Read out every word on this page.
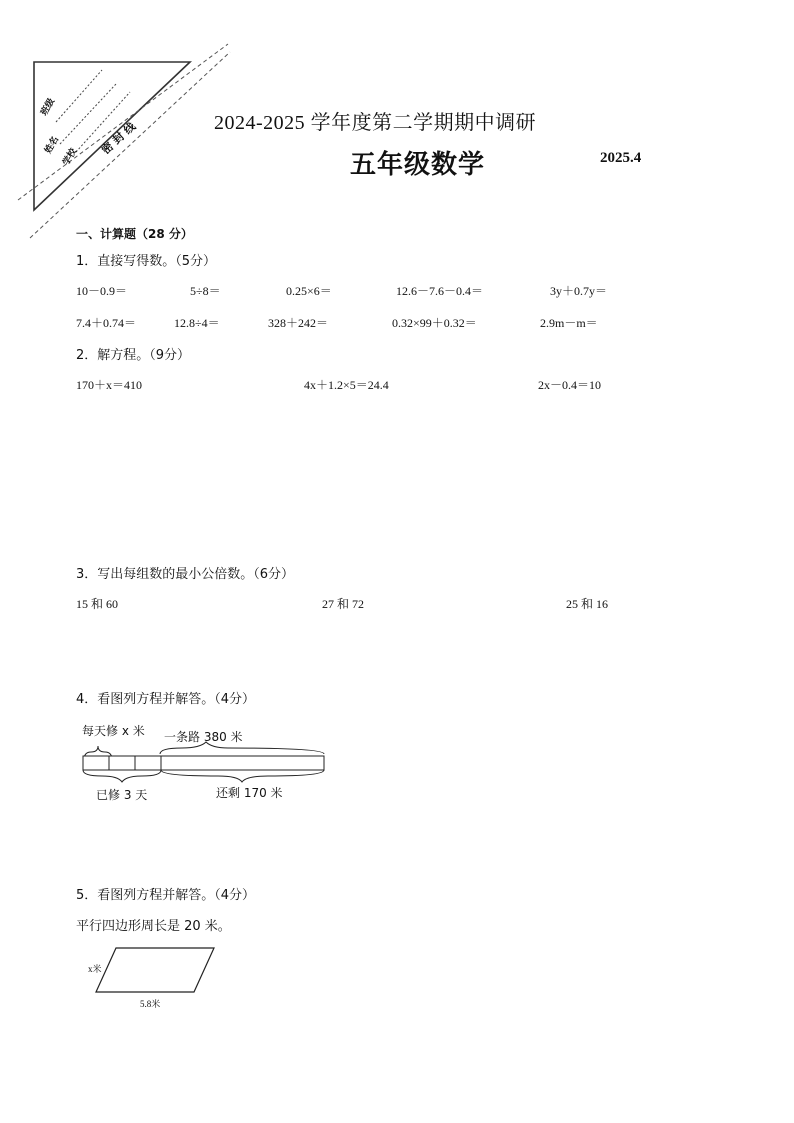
班级
姓名
学校
密 封 线	2024-2025 学年度第二学期期中调研
五年级数学	2025.4
一、计算题（28 分）
1．直接写得数。（5分）
10－0.9＝	5÷8＝	0.25×6＝	12.6－7.6－0.4＝	3y＋0.7y＝
7.4＋0.74＝	12.8÷4＝	328＋242＝	0.32×99＋0.32＝	2.9m－m＝
2．解方程。（9分）
170＋x＝410	4x＋1.2×5＝24.4	2x－0.4＝10
3．写出每组数的最小公倍数。（6分）
15 和 60	27 和 72	25 和 16
4．看图列方程并解答。（4分）
每天修 x 米 一条路 380 米
已修 3 天	还剩 170 米
5．看图列方程并解答。（4分）
平行四边形周长是 20 米。
x米
5.8米
